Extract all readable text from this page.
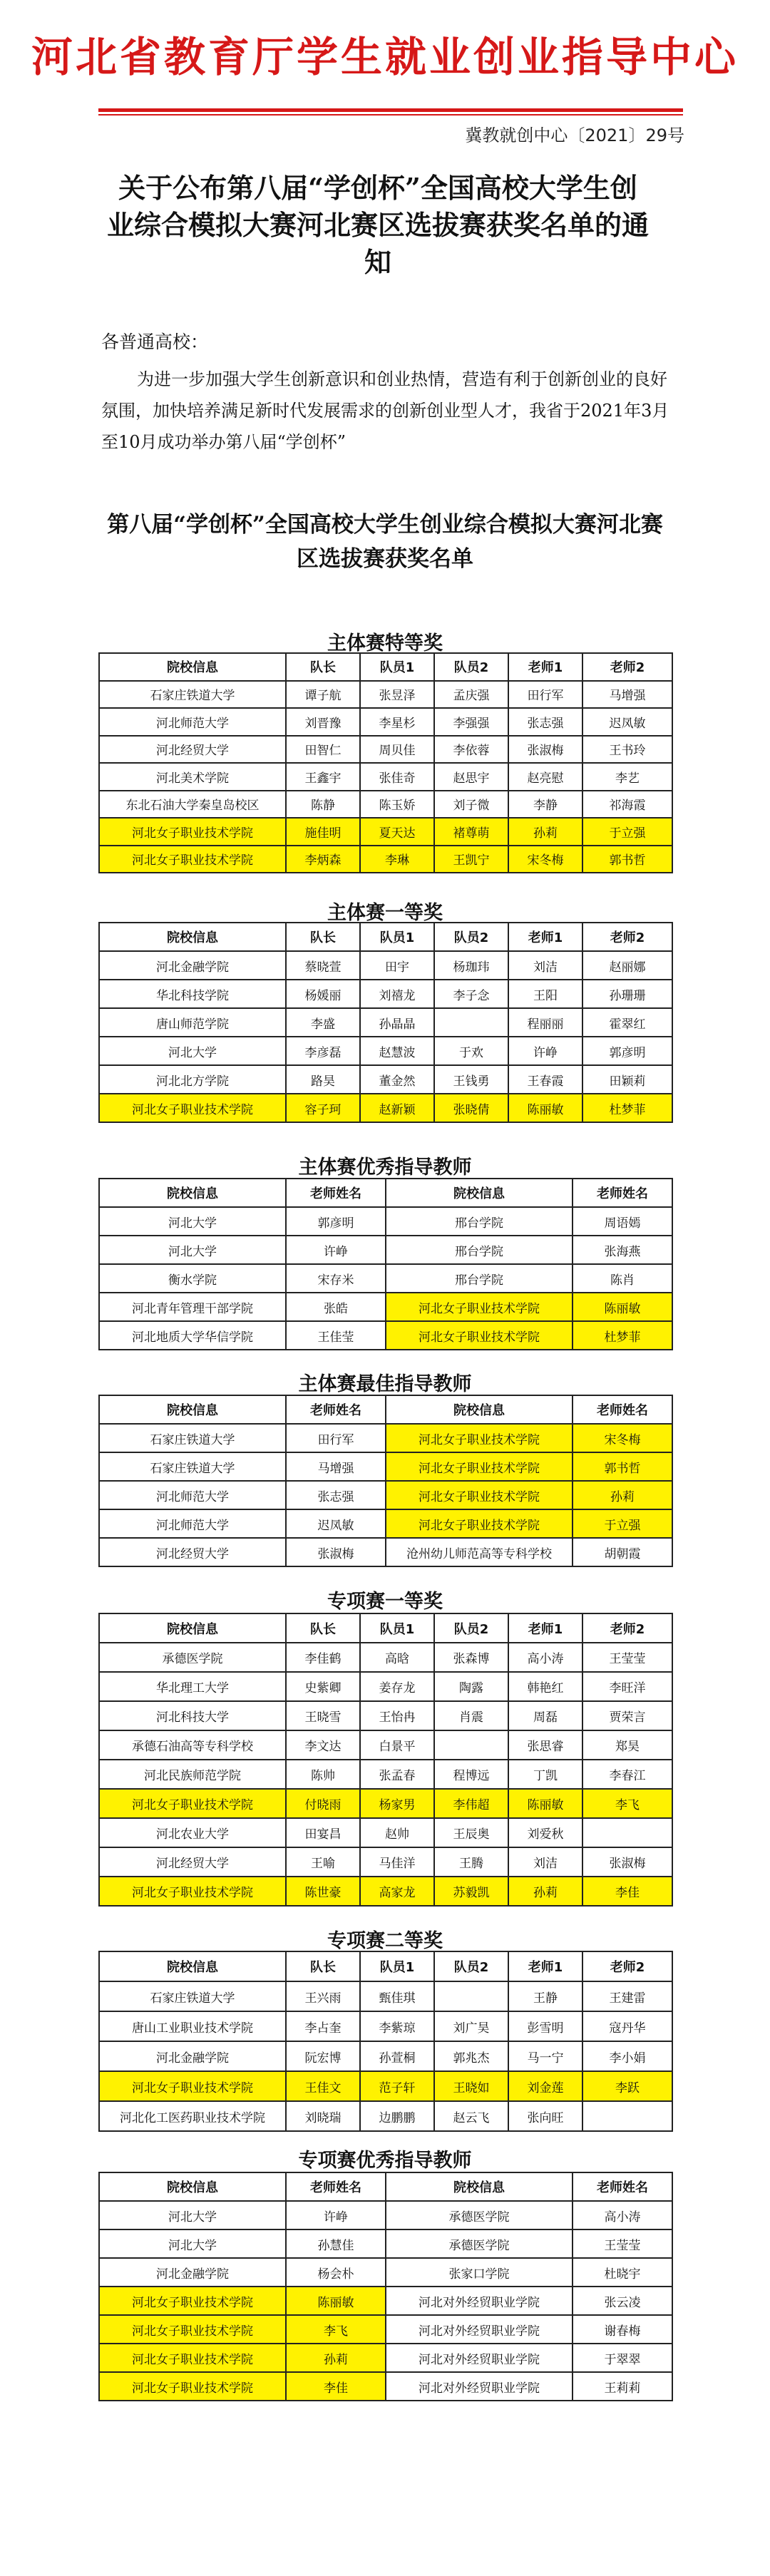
河北省教育厅学生就业创业指导中心
冀教就创中心〔2021〕29号
关于公布第八届“学创杯”全国高校大学生创业综合模拟大赛河北赛区选拔赛获奖名单的通知
各普通高校：
为进一步加强大学生创新意识和创业热情，营造有利于创新创业的良好氛围，加快培养满足新时代发展需求的创新创业型人才，我省于2021年3月至10月成功举办第八届“学创杯”
第八届“学创杯”全国高校大学生创业综合模拟大赛河北赛区选拔赛获奖名单
主体赛特等奖
院校信息	队长	队员1	队员2	老师1	老师2
石家庄铁道大学	谭子航	张昱泽	孟庆强	田行军	马增强
河北师范大学	刘晋豫	李星杉	李强强	张志强	迟凤敏
河北经贸大学	田智仁	周贝佳	李依蓉	张淑梅	王书玲
河北美术学院	王鑫宇	张佳奇	赵思宇	赵亮慰	李艺
东北石油大学秦皇岛校区	陈静	陈玉娇	刘子微	李静	祁海霞
河北女子职业技术学院	施佳明	夏天达	褚尊萌	孙莉	于立强
河北女子职业技术学院	李炳森	李琳	王凯宁	宋冬梅	郭书哲
主体赛一等奖
院校信息	队长	队员1	队员2	老师1	老师2
河北金融学院	蔡晓萱	田宇	杨珈玮	刘洁	赵丽娜
华北科技学院	杨媛丽	刘禧龙	李子念	王阳	孙珊珊
唐山师范学院	李盛	孙晶晶		程丽丽	霍翠红
河北大学	李彦磊	赵慧波	于欢	许峥	郭彦明
河北北方学院	路昊	董金然	王钱勇	王春霞	田颖莉
河北女子职业技术学院	容子珂	赵新颖	张晓倩	陈丽敏	杜梦菲
主体赛优秀指导教师
院校信息	老师姓名	院校信息	老师姓名
河北大学	郭彦明	邢台学院	周语嫣
河北大学	许峥	邢台学院	张海燕
衡水学院	宋存米	邢台学院	陈肖
河北青年管理干部学院	张皓	河北女子职业技术学院	陈丽敏
河北地质大学华信学院	王佳莹	河北女子职业技术学院	杜梦菲
主体赛最佳指导教师
院校信息	老师姓名	院校信息	老师姓名
石家庄铁道大学	田行军	河北女子职业技术学院	宋冬梅
石家庄铁道大学	马增强	河北女子职业技术学院	郭书哲
河北师范大学	张志强	河北女子职业技术学院	孙莉
河北师范大学	迟凤敏	河北女子职业技术学院	于立强
河北经贸大学	张淑梅	沧州幼儿师范高等专科学校	胡朝霞
专项赛一等奖
院校信息	队长	队员1	队员2	老师1	老师2
承德医学院	李佳鹤	高晗	张森博	高小涛	王莹莹
华北理工大学	史紫卿	姜存龙	陶露	韩艳红	李旺洋
河北科技大学	王晓雪	王怡冉	肖震	周磊	贾荣言
承德石油高等专科学校	李文达	白景平		张思睿	郑昊
河北民族师范学院	陈帅	张孟春	程博远	丁凯	李春江
河北女子职业技术学院	付晓雨	杨家男	李伟超	陈丽敏	李飞
河北农业大学	田宴昌	赵帅	王辰奥	刘爱秋	
河北经贸大学	王喻	马佳洋	王腾	刘洁	张淑梅
河北女子职业技术学院	陈世豪	高家龙	苏毅凯	孙莉	李佳
专项赛二等奖
院校信息	队长	队员1	队员2	老师1	老师2
石家庄铁道大学	王兴雨	甄佳琪		王静	王建雷
唐山工业职业技术学院	李占奎	李紫琼	刘广昊	彭雪明	寇丹华
河北金融学院	阮宏博	孙萱桐	郭兆杰	马一宁	李小娟
河北女子职业技术学院	王佳文	范子轩	王晓如	刘金莲	李跃
河北化工医药职业技术学院	刘晓瑞	边鹏鹏	赵云飞	张向旺	
专项赛优秀指导教师
院校信息	老师姓名	院校信息	老师姓名
河北大学	许峥	承德医学院	高小涛
河北大学	孙慧佳	承德医学院	王莹莹
河北金融学院	杨会朴	张家口学院	杜晓宇
河北女子职业技术学院	陈丽敏	河北对外经贸职业学院	张云凌
河北女子职业技术学院	李飞	河北对外经贸职业学院	谢春梅
河北女子职业技术学院	孙莉	河北对外经贸职业学院	于翠翠
河北女子职业技术学院	李佳	河北对外经贸职业学院	王莉莉
